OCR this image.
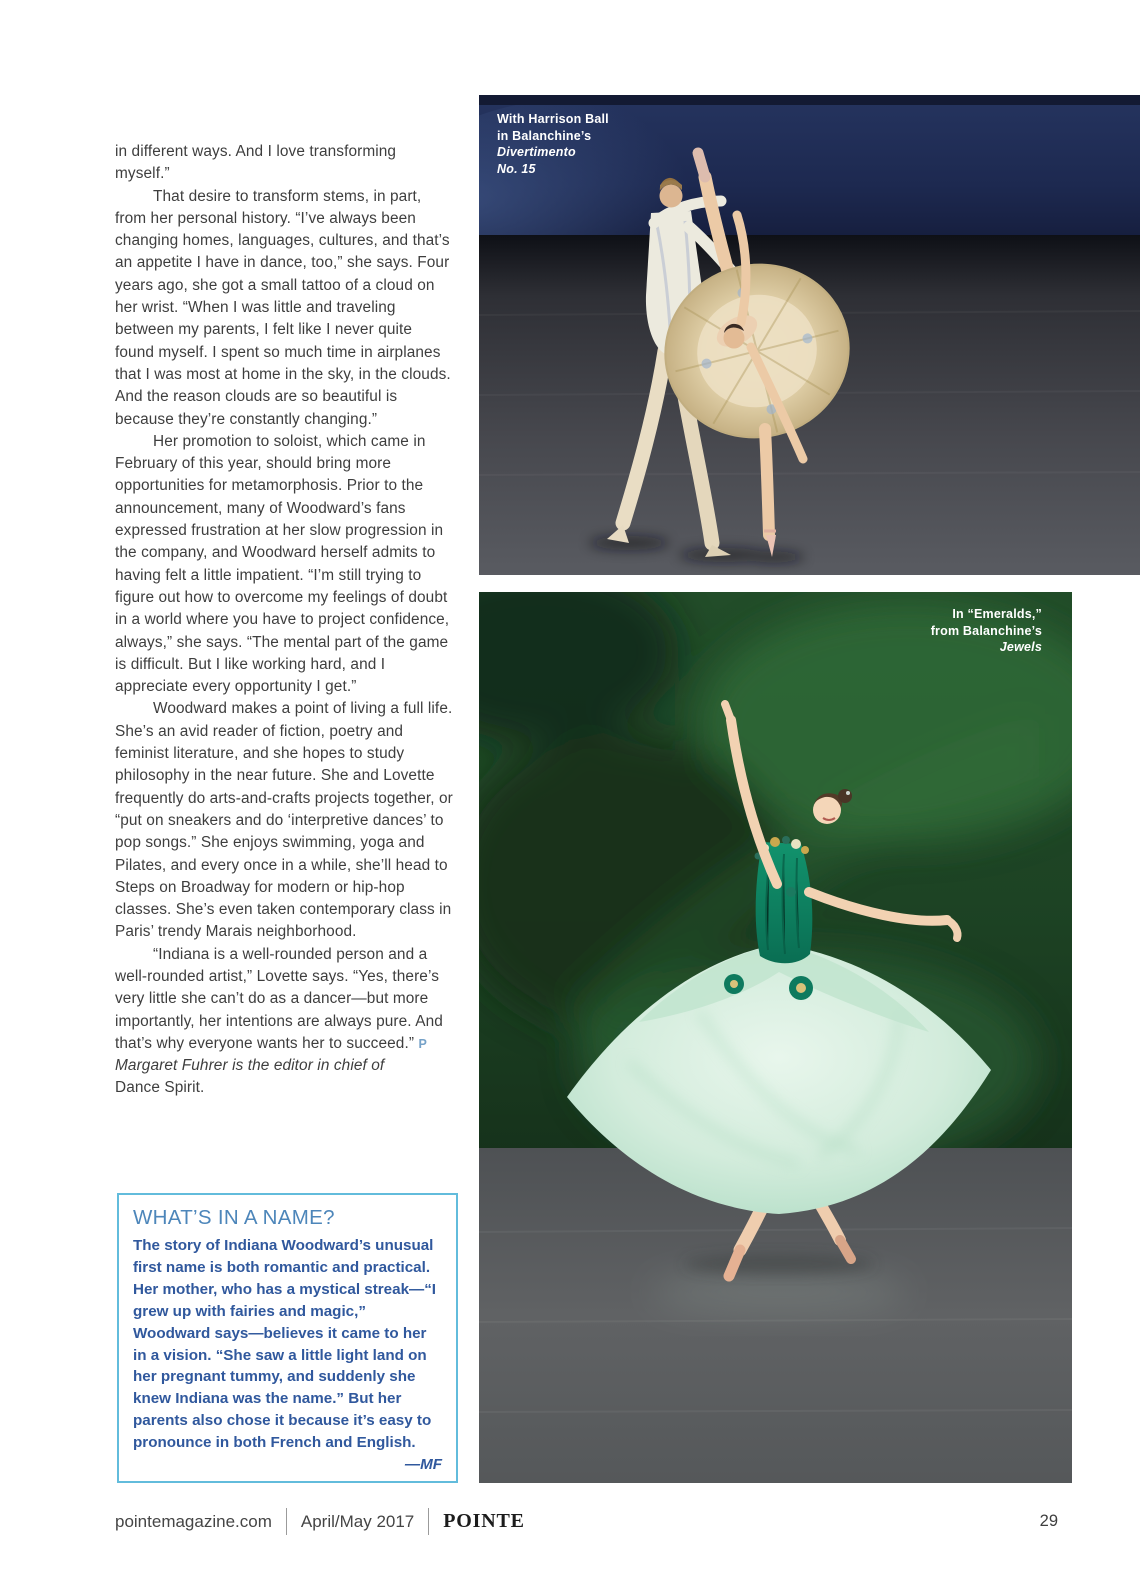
in different ways. And I love transforming myself.”

That desire to transform stems, in part, from her personal history. “I’ve always been changing homes, languages, cultures, and that’s an appetite I have in dance, too,” she says. Four years ago, she got a small tattoo of a cloud on her wrist. “When I was little and traveling between my parents, I felt like I never quite found myself. I spent so much time in airplanes that I was most at home in the sky, in the clouds. And the reason clouds are so beautiful is because they’re constantly changing.”

Her promotion to soloist, which came in February of this year, should bring more opportunities for metamorphosis. Prior to the announcement, many of Woodward’s fans expressed frustration at her slow progression in the company, and Woodward herself admits to having felt a little impatient. “I’m still trying to figure out how to overcome my feelings of doubt in a world where you have to project confidence, always,” she says. “The mental part of the game is difficult. But I like working hard, and I appreciate every opportunity I get.”

Woodward makes a point of living a full life. She’s an avid reader of fiction, poetry and feminist literature, and she hopes to study philosophy in the near future. She and Lovette frequently do arts-and-crafts projects together, or “put on sneakers and do ‘interpretive dances’ to pop songs.” She enjoys swimming, yoga and Pilates, and every once in a while, she’ll head to Steps on Broadway for modern or hip-hop classes. She’s even taken contemporary class in Paris’ trendy Marais neighborhood.

“Indiana is a well-rounded person and a well-rounded artist,” Lovette says. “Yes, there’s very little she can’t do as a dancer—but more importantly, her intentions are always pure. And that’s why everyone wants her to succeed.” P

Margaret Fuhrer is the editor in chief of
Dance Spirit.

With Harrison Ball
in Balanchine’s
Divertimento
No. 15
In “Emeralds,”
from Balanchine’s
Jewels
WHAT’S IN A NAME?

The story of Indiana Woodward’s unusual first name is both romantic and practical. Her mother, who has a mystical streak—“I grew up with fairies and magic,” Woodward says—believes it came to her in a vision. “She saw a little light land on her pregnant tummy, and suddenly she knew Indiana was the name.” But her parents also chose it because it’s easy to pronounce in both French and English.

—MF

pointemagazine.com April/May 2017 POINTE	29
